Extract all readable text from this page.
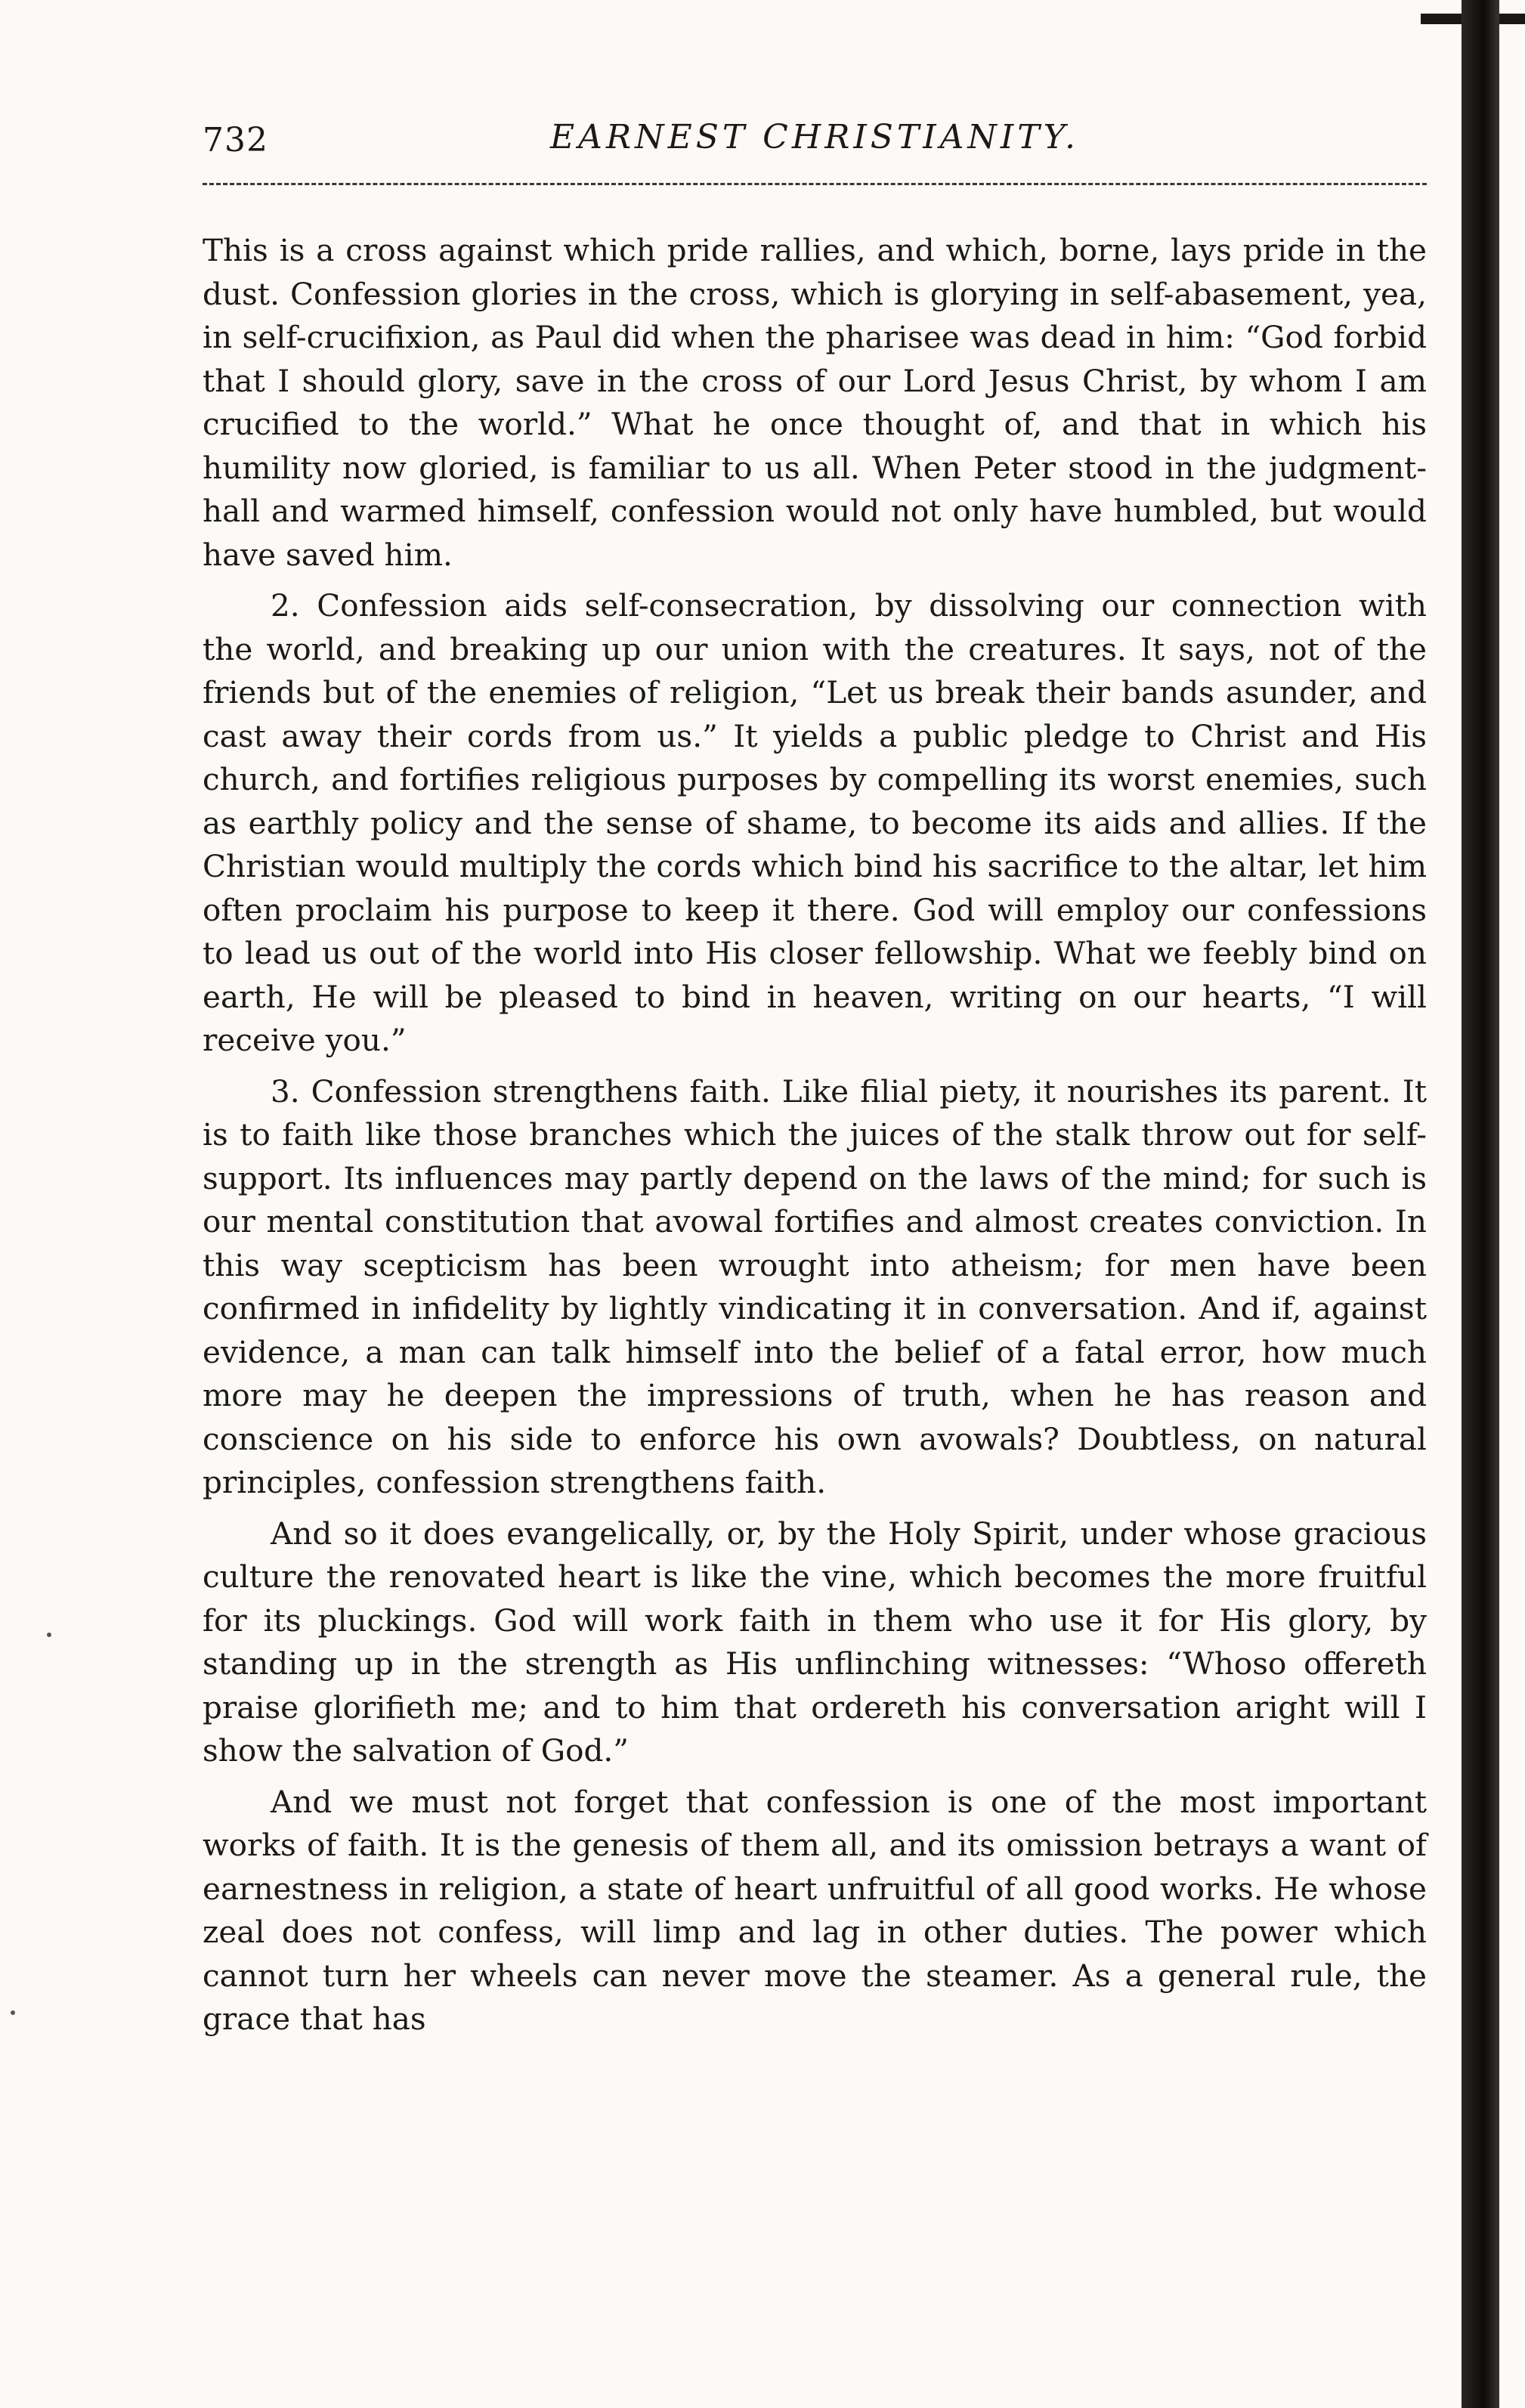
732	EARNEST CHRISTIANITY.

This is a cross against which pride rallies, and which, borne, lays pride in the dust. Confession glories in the cross, which is glorying in self-abasement, yea, in self-crucifixion, as Paul did when the pharisee was dead in him: “God forbid that I should glory, save in the cross of our Lord Jesus Christ, by whom I am crucified to the world.” What he once thought of, and that in which his humility now gloried, is familiar to us all. When Peter stood in the judgment-hall and warmed himself, confession would not only have humbled, but would have saved him.

2. Confession aids self-consecration, by dissolving our connection with the world, and breaking up our union with the creatures. It says, not of the friends but of the enemies of religion, “Let us break their bands asunder, and cast away their cords from us.” It yields a public pledge to Christ and His church, and fortifies religious purposes by compelling its worst enemies, such as earthly policy and the sense of shame, to become its aids and allies. If the Christian would multiply the cords which bind his sacrifice to the altar, let him often proclaim his purpose to keep it there. God will employ our confessions to lead us out of the world into His closer fellowship. What we feebly bind on earth, He will be pleased to bind in heaven, writing on our hearts, “I will receive you.”

3. Confession strengthens faith. Like filial piety, it nourishes its parent. It is to faith like those branches which the juices of the stalk throw out for self-support. Its influences may partly depend on the laws of the mind; for such is our mental constitution that avowal fortifies and almost creates conviction. In this way scepticism has been wrought into atheism; for men have been confirmed in infidelity by lightly vindicating it in conversation. And if, against evidence, a man can talk himself into the belief of a fatal error, how much more may he deepen the impressions of truth, when he has reason and conscience on his side to enforce his own avowals? Doubtless, on natural principles, confession strengthens faith.

And so it does evangelically, or, by the Holy Spirit, under whose gracious culture the renovated heart is like the vine, which becomes the more fruitful for its pluckings. God will work faith in them who use it for His glory, by standing up in the strength as His unflinching witnesses: “Whoso offereth praise glorifieth me; and to him that ordereth his conversation aright will I show the salvation of God.”

And we must not forget that confession is one of the most important works of faith. It is the genesis of them all, and its omission betrays a want of earnestness in religion, a state of heart unfruitful of all good works. He whose zeal does not confess, will limp and lag in other duties. The power which cannot turn her wheels can never move the steamer. As a general rule, the grace that has
